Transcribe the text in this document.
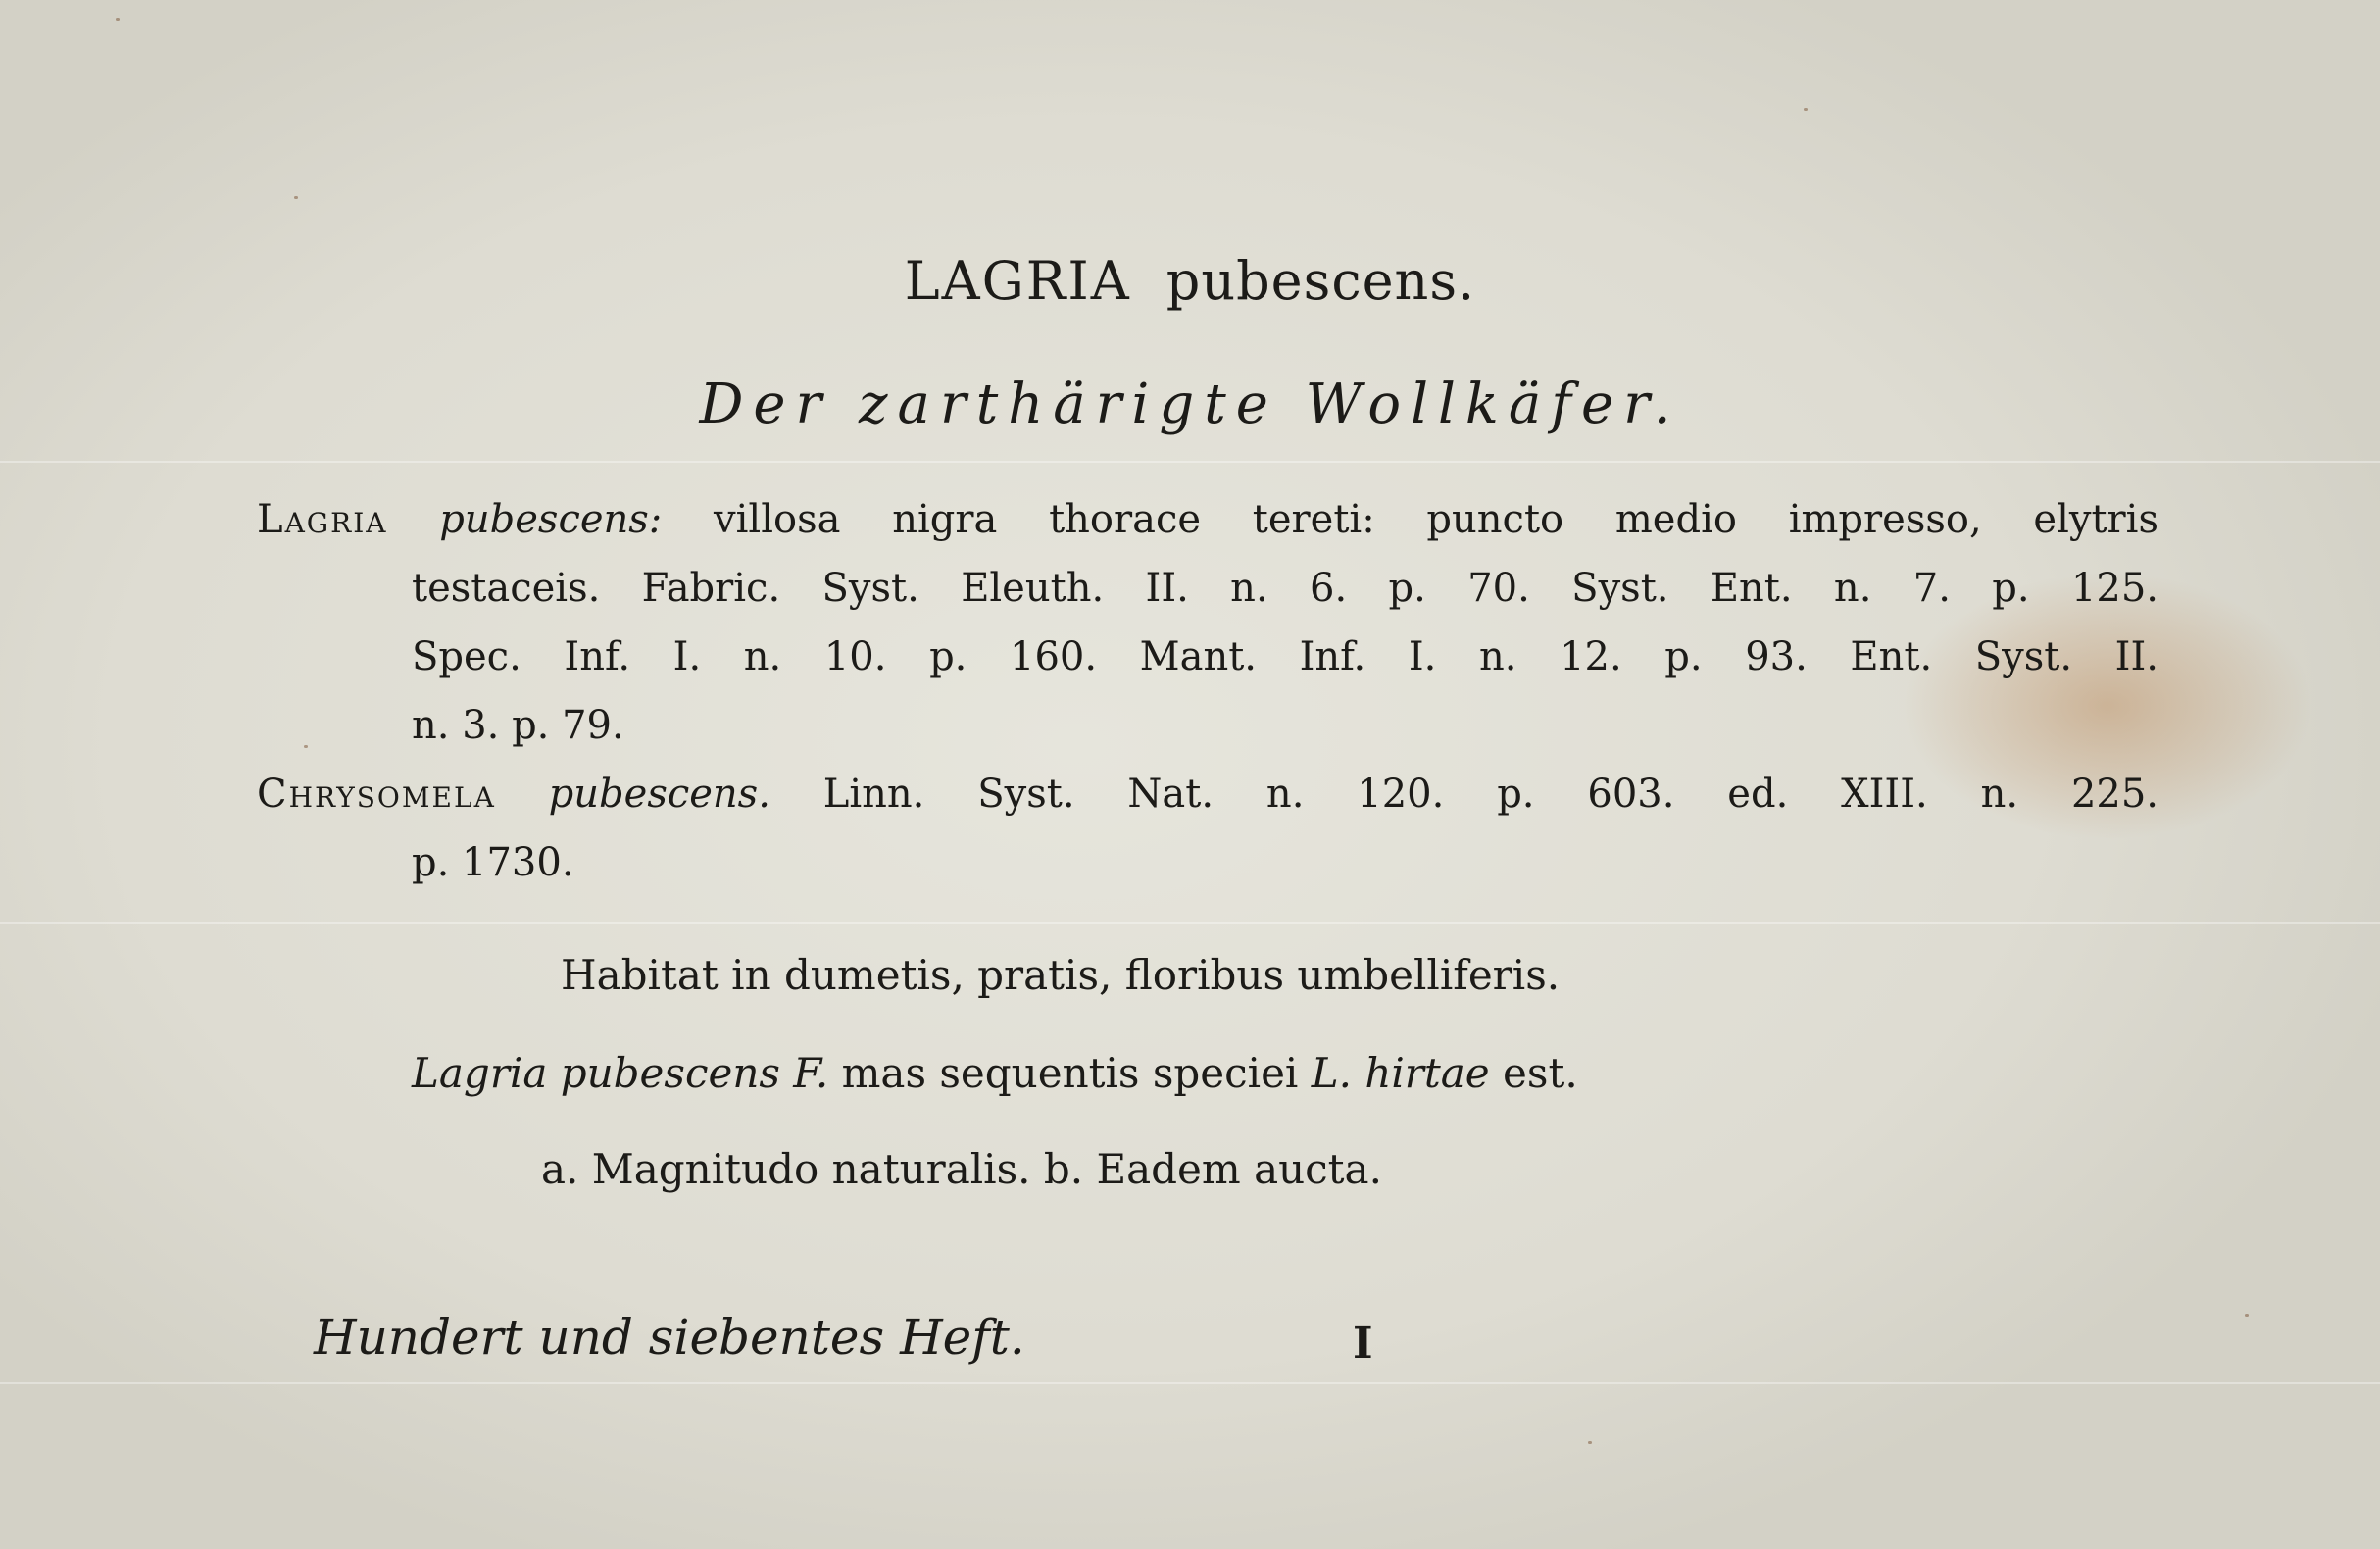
LAGRIA pubescens.
Der zarthärigte Wollkäfer.
Lagria pubescens: villosa nigra thorace tereti: puncto medio impresso, elytris
testaceis. Fabric. Syst. Eleuth. II. n. 6. p. 70. Syst. Ent. n. 7. p. 125.
Spec. Inf. I. n. 10. p. 160. Mant. Inf. I. n. 12. p. 93. Ent. Syst. II.
n. 3. p. 79.
Chrysomela pubescens. Linn. Syst. Nat. n. 120. p. 603. ed. XIII. n. 225.
p. 1730.
Habitat in dumetis, pratis, floribus umbelliferis.
Lagria pubescens F. mas sequentis speciei L. hirtae est.
a. Magnitudo naturalis. b. Eadem aucta.
Hundert und siebentes Heft.	I
